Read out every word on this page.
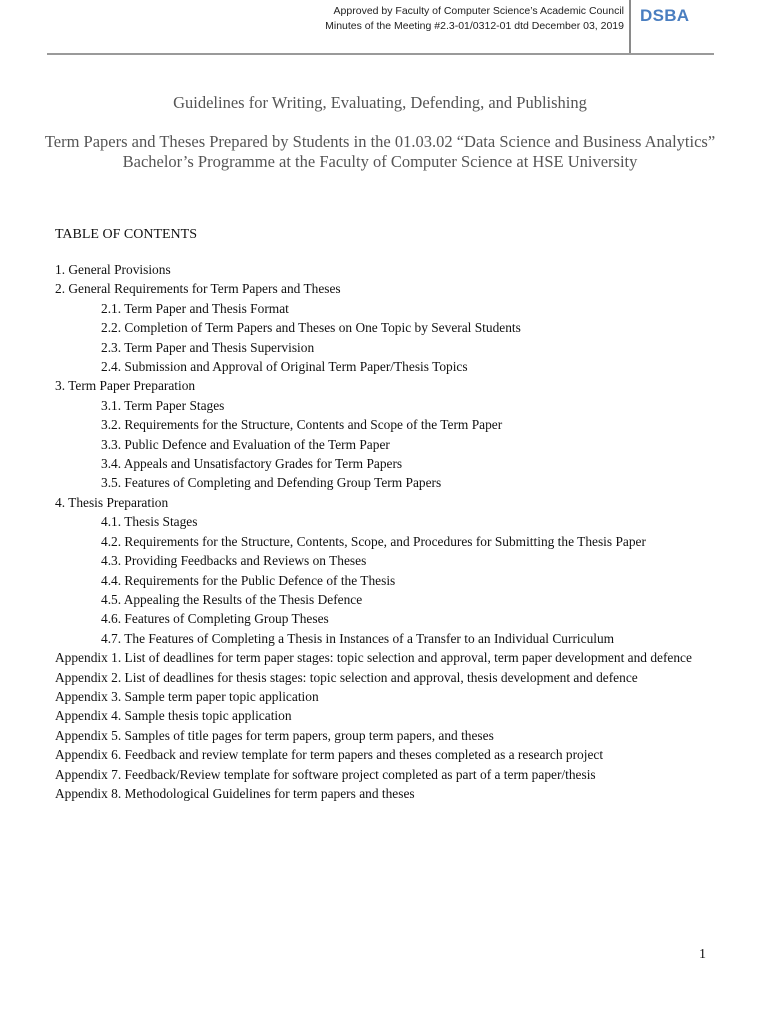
Approved by Faculty of Computer Science’s Academic Council
Minutes of the Meeting #2.3-01/0312-01 dtd December 03, 2019
DSBA
Guidelines for Writing, Evaluating, Defending, and Publishing
Term Papers and Theses Prepared by Students in the 01.03.02 “Data Science and Business Analytics” Bachelor’s Programme at the Faculty of Computer Science at HSE University
TABLE OF CONTENTS
1. General Provisions
2. General Requirements for Term Papers and Theses
2.1. Term Paper and Thesis Format
2.2. Completion of Term Papers and Theses on One Topic by Several Students
2.3. Term Paper and Thesis Supervision
2.4. Submission and Approval of Original Term Paper/Thesis Topics
3. Term Paper Preparation
3.1. Term Paper Stages
3.2. Requirements for the Structure, Contents and Scope of the Term Paper
3.3. Public Defence and Evaluation of the Term Paper
3.4. Appeals and Unsatisfactory Grades for Term Papers
3.5. Features of Completing and Defending Group Term Papers
4. Thesis Preparation
4.1. Thesis Stages
4.2. Requirements for the Structure, Contents, Scope, and Procedures for Submitting the Thesis Paper
4.3. Providing Feedbacks and Reviews on Theses
4.4. Requirements for the Public Defence of the Thesis
4.5. Appealing the Results of the Thesis Defence
4.6. Features of Completing Group Theses
4.7. The Features of Completing a Thesis in Instances of a Transfer to an Individual Curriculum
Appendix 1. List of deadlines for term paper stages: topic selection and approval, term paper development and defence
Appendix 2. List of deadlines for thesis stages: topic selection and approval, thesis development and defence
Appendix 3. Sample term paper topic application
Appendix 4. Sample thesis topic application
Appendix 5. Samples of title pages for term papers, group term papers, and theses
Appendix 6. Feedback and review template for term papers and theses completed as a research project
Appendix 7. Feedback/Review template for software project completed as part of a term paper/thesis
Appendix 8. Methodological Guidelines for term papers and theses
1
